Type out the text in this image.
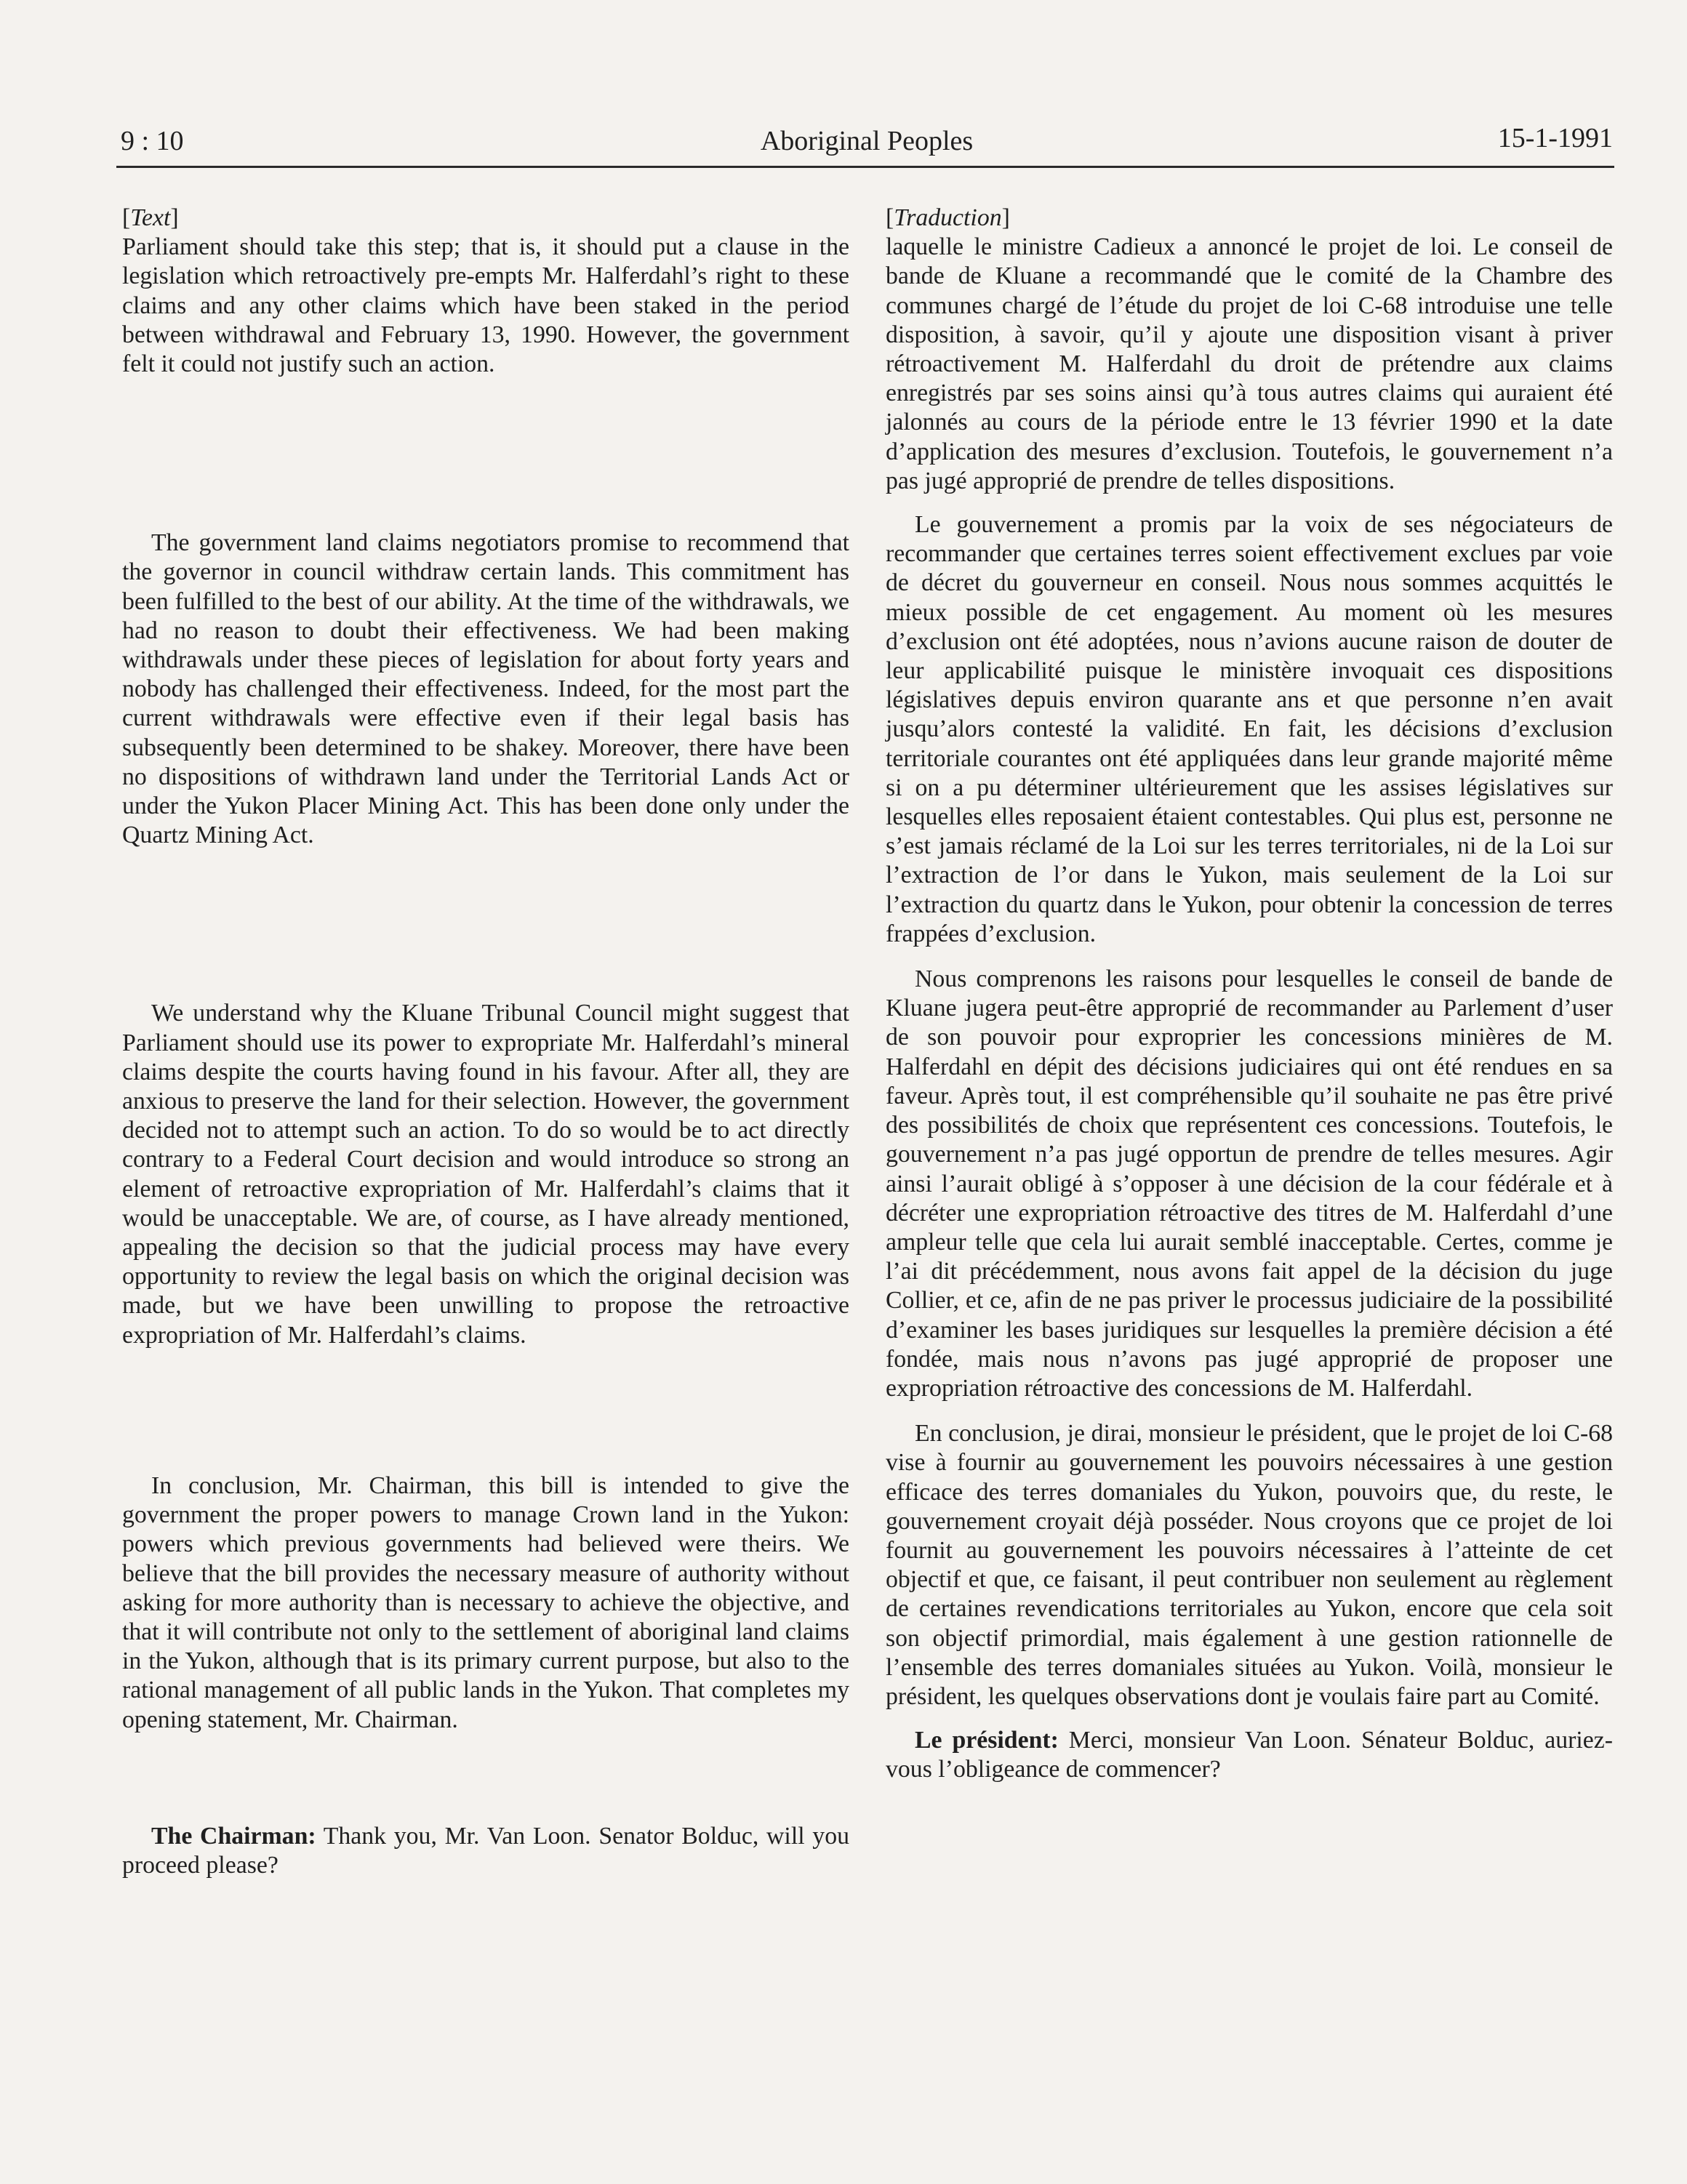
9 : 10	Aboriginal Peoples	15-1-1991

[Text]

Parliament should take this step; that is, it should put a clause in the legislation which retroactively pre-empts Mr. Halferdahl’s right to these claims and any other claims which have been staked in the period between withdrawal and February 13, 1990. However, the government felt it could not justify such an action.

The government land claims negotiators promise to recommend that the governor in council withdraw certain lands. This commitment has been fulfilled to the best of our ability. At the time of the withdrawals, we had no reason to doubt their effectiveness. We had been making withdrawals under these pieces of legislation for about forty years and nobody has challenged their effectiveness. Indeed, for the most part the current withdrawals were effective even if their legal basis has subsequently been determined to be shakey. Moreover, there have been no dispositions of withdrawn land under the Territorial Lands Act or under the Yukon Placer Mining Act. This has been done only under the Quartz Mining Act.

We understand why the Kluane Tribunal Council might suggest that Parliament should use its power to expropriate Mr. Halferdahl’s mineral claims despite the courts having found in his favour. After all, they are anxious to preserve the land for their selection. However, the government decided not to attempt such an action. To do so would be to act directly contrary to a Federal Court decision and would introduce so strong an element of retroactive expropriation of Mr. Halferdahl’s claims that it would be unacceptable. We are, of course, as I have already mentioned, appealing the decision so that the judicial process may have every opportunity to review the legal basis on which the original decision was made, but we have been unwilling to propose the retroactive expropriation of Mr. Halferdahl’s claims.

In conclusion, Mr. Chairman, this bill is intended to give the government the proper powers to manage Crown land in the Yukon: powers which previous governments had believed were theirs. We believe that the bill provides the necessary measure of authority without asking for more authority than is necessary to achieve the objective, and that it will contribute not only to the settlement of aboriginal land claims in the Yukon, although that is its primary current purpose, but also to the rational management of all public lands in the Yukon. That completes my opening statement, Mr. Chairman.

The Chairman: Thank you, Mr. Van Loon. Senator Bolduc, will you proceed please?

[Traduction]

laquelle le ministre Cadieux a annoncé le projet de loi. Le conseil de bande de Kluane a recommandé que le comité de la Chambre des communes chargé de l’étude du projet de loi C-68 introduise une telle disposition, à savoir, qu’il y ajoute une disposition visant à priver rétroactivement M. Halferdahl du droit de prétendre aux claims enregistrés par ses soins ainsi qu’à tous autres claims qui auraient été jalonnés au cours de la période entre le 13 février 1990 et la date d’application des mesures d’exclusion. Toutefois, le gouvernement n’a pas jugé approprié de prendre de telles dispositions.

Le gouvernement a promis par la voix de ses négociateurs de recommander que certaines terres soient effectivement exclues par voie de décret du gouverneur en conseil. Nous nous sommes acquittés le mieux possible de cet engagement. Au moment où les mesures d’exclusion ont été adoptées, nous n’avions aucune raison de douter de leur applicabilité puisque le ministère invoquait ces dispositions législatives depuis environ quarante ans et que personne n’en avait jusqu’alors contesté la validité. En fait, les décisions d’exclusion territoriale courantes ont été appliquées dans leur grande majorité même si on a pu déterminer ultérieurement que les assises législatives sur lesquelles elles reposaient étaient contestables. Qui plus est, personne ne s’est jamais réclamé de la Loi sur les terres territoriales, ni de la Loi sur l’extraction de l’or dans le Yukon, mais seulement de la Loi sur l’extraction du quartz dans le Yukon, pour obtenir la concession de terres frappées d’exclusion.

Nous comprenons les raisons pour lesquelles le conseil de bande de Kluane jugera peut-être approprié de recommander au Parlement d’user de son pouvoir pour exproprier les concessions minières de M. Halferdahl en dépit des décisions judiciaires qui ont été rendues en sa faveur. Après tout, il est compréhensible qu’il souhaite ne pas être privé des possibilités de choix que représentent ces concessions. Toutefois, le gouvernement n’a pas jugé opportun de prendre de telles mesures. Agir ainsi l’aurait obligé à s’opposer à une décision de la cour fédérale et à décréter une expropriation rétroactive des titres de M. Halferdahl d’une ampleur telle que cela lui aurait semblé inacceptable. Certes, comme je l’ai dit précédemment, nous avons fait appel de la décision du juge Collier, et ce, afin de ne pas priver le processus judiciaire de la possibilité d’examiner les bases juridiques sur lesquelles la première décision a été fondée, mais nous n’avons pas jugé approprié de proposer une expropriation rétroactive des concessions de M. Halferdahl.

En conclusion, je dirai, monsieur le président, que le projet de loi C-68 vise à fournir au gouvernement les pouvoirs nécessaires à une gestion efficace des terres domaniales du Yukon, pouvoirs que, du reste, le gouvernement croyait déjà posséder. Nous croyons que ce projet de loi fournit au gouvernement les pouvoirs nécessaires à l’atteinte de cet objectif et que, ce faisant, il peut contribuer non seulement au règlement de certaines revendications territoriales au Yukon, encore que cela soit son objectif primordial, mais également à une gestion rationnelle de l’ensemble des terres domaniales situées au Yukon. Voilà, monsieur le président, les quelques observations dont je voulais faire part au Comité.

Le président: Merci, monsieur Van Loon. Sénateur Bolduc, auriez-vous l’obligeance de commencer?
